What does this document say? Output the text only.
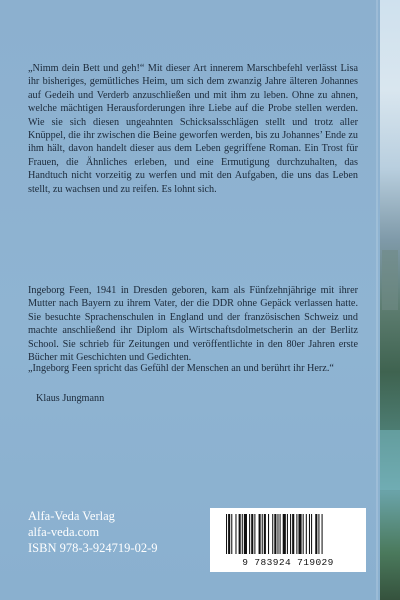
„Nimm dein Bett und geh!“ Mit dieser Art innerem Marschbefehl verlässt Lisa ihr bisheriges, gemütliches Heim, um sich dem zwanzig Jahre älteren Johannes auf Gedeih und Verderb anzuschließen und mit ihm zu leben. Ohne zu ahnen, welche mächtigen Herausforderungen ihre Liebe auf die Probe stellen werden. Wie sie sich diesen ungeahnten Schicksalsschlägen stellt und trotz aller Knüppel, die ihr zwischen die Beine geworfen werden, bis zu Johannes’ Ende zu ihm hält, davon handelt dieser aus dem Leben gegriffene Roman. Ein Trost für Frauen, die Ähnliches erleben, und eine Ermutigung durchzuhalten, das Handtuch nicht vorzeitig zu werfen und mit den Aufgaben, die uns das Leben stellt, zu wachsen und zu reifen. Es lohnt sich.

Ingeborg Feen, 1941 in Dresden geboren, kam als Fünfzehnjährige mit ihrer Mutter nach Bayern zu ihrem Vater, der die DDR ohne Gepäck verlassen hatte. Sie besuchte Sprachenschulen in England und der französischen Schweiz und machte anschließend ihr Diplom als Wirtschaftsdolmetscherin an der Berlitz School. Sie schrieb für Zeitungen und veröffentlichte in den 80er Jahren erste Bücher mit Geschichten und Gedichten.

„Ingeborg Feen spricht das Gefühl der Menschen an und berührt ihr Herz.“

Klaus Jungmann

Alfa-Veda Verlag
alfa-veda.com
ISBN 978-3-924719-02-9
9 783924 719029
